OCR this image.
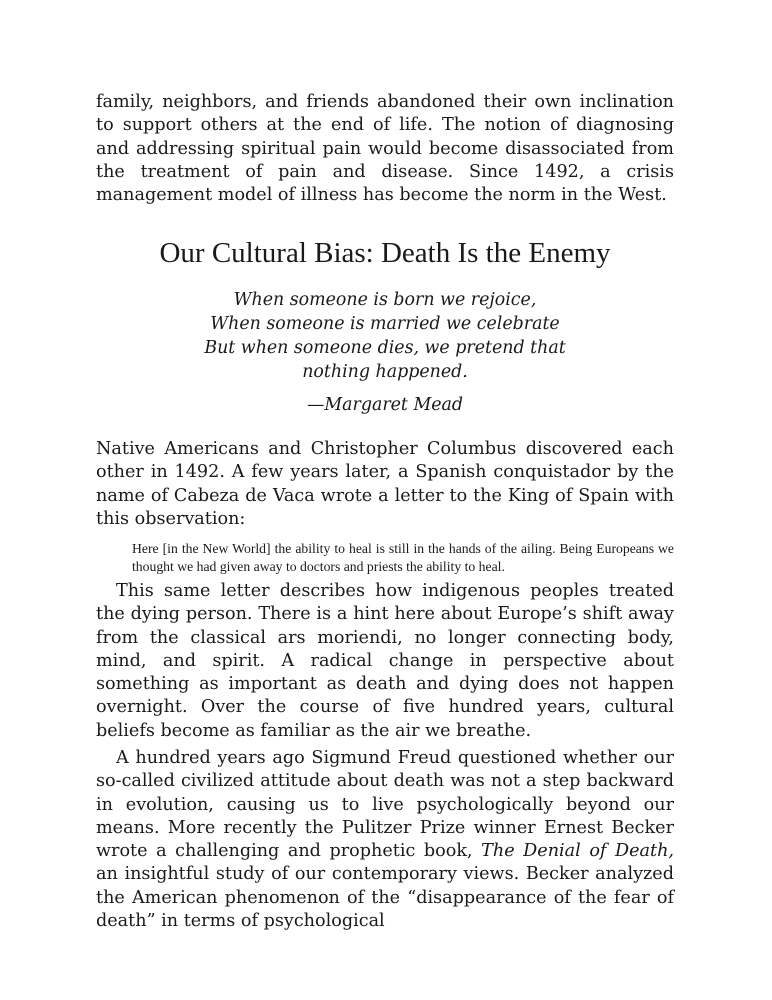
family, neighbors, and friends abandoned their own inclination to support others at the end of life. The notion of diagnosing and addressing spiritual pain would become disassociated from the treatment of pain and disease. Since 1492, a crisis management model of illness has become the norm in the West.

Our Cultural Bias: Death Is the Enemy
When someone is born we rejoice,
When someone is married we celebrate
But when someone dies, we pretend that nothing happened.
—Margaret Mead

Native Americans and Christopher Columbus discovered each other in 1492. A few years later, a Spanish conquistador by the name of Cabeza de Vaca wrote a letter to the King of Spain with this observation:

Here [in the New World] the ability to heal is still in the hands of the ailing. Being Europeans we thought we had given away to doctors and priests the ability to heal.

This same letter describes how indigenous peoples treated the dying person. There is a hint here about Europe’s shift away from the classical ars moriendi, no longer connecting body, mind, and spirit. A radical change in perspective about something as important as death and dying does not happen overnight. Over the course of five hundred years, cultural beliefs become as familiar as the air we breathe.

A hundred years ago Sigmund Freud questioned whether our so-called civilized attitude about death was not a step backward in evolution, causing us to live psychologically beyond our means. More recently the Pulitzer Prize winner Ernest Becker wrote a challenging and prophetic book, The Denial of Death, an insightful study of our contemporary views. Becker analyzed the American phenomenon of the “disappearance of the fear of death” in terms of psychological
